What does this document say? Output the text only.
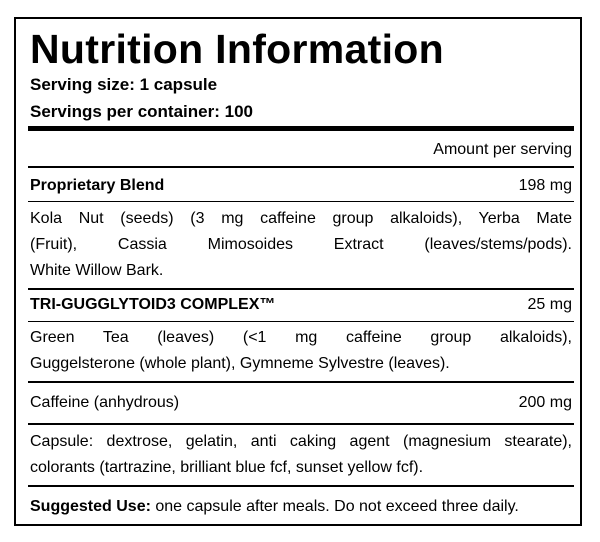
Nutrition Information
Serving size: 1 capsule
Servings per container: 100
Amount per serving
Proprietary Blend	198 mg
Kola Nut (seeds) (3 mg caffeine group alkaloids), Yerba Mate
(Fruit), Cassia Mimosoides Extract (leaves/stems/pods).
White Willow Bark.
TRI-GUGGLYTOID3 COMPLEX™	25 mg
Green Tea (leaves) (<1 mg caffeine group alkaloids),
Guggelsterone (whole plant), Gymneme Sylvestre (leaves).
Caffeine (anhydrous)	200 mg
Capsule: dextrose, gelatin, anti caking agent (magnesium stearate),
colorants (tartrazine, brilliant blue fcf, sunset yellow fcf).
Suggested Use: one capsule after meals. Do not exceed three daily.
